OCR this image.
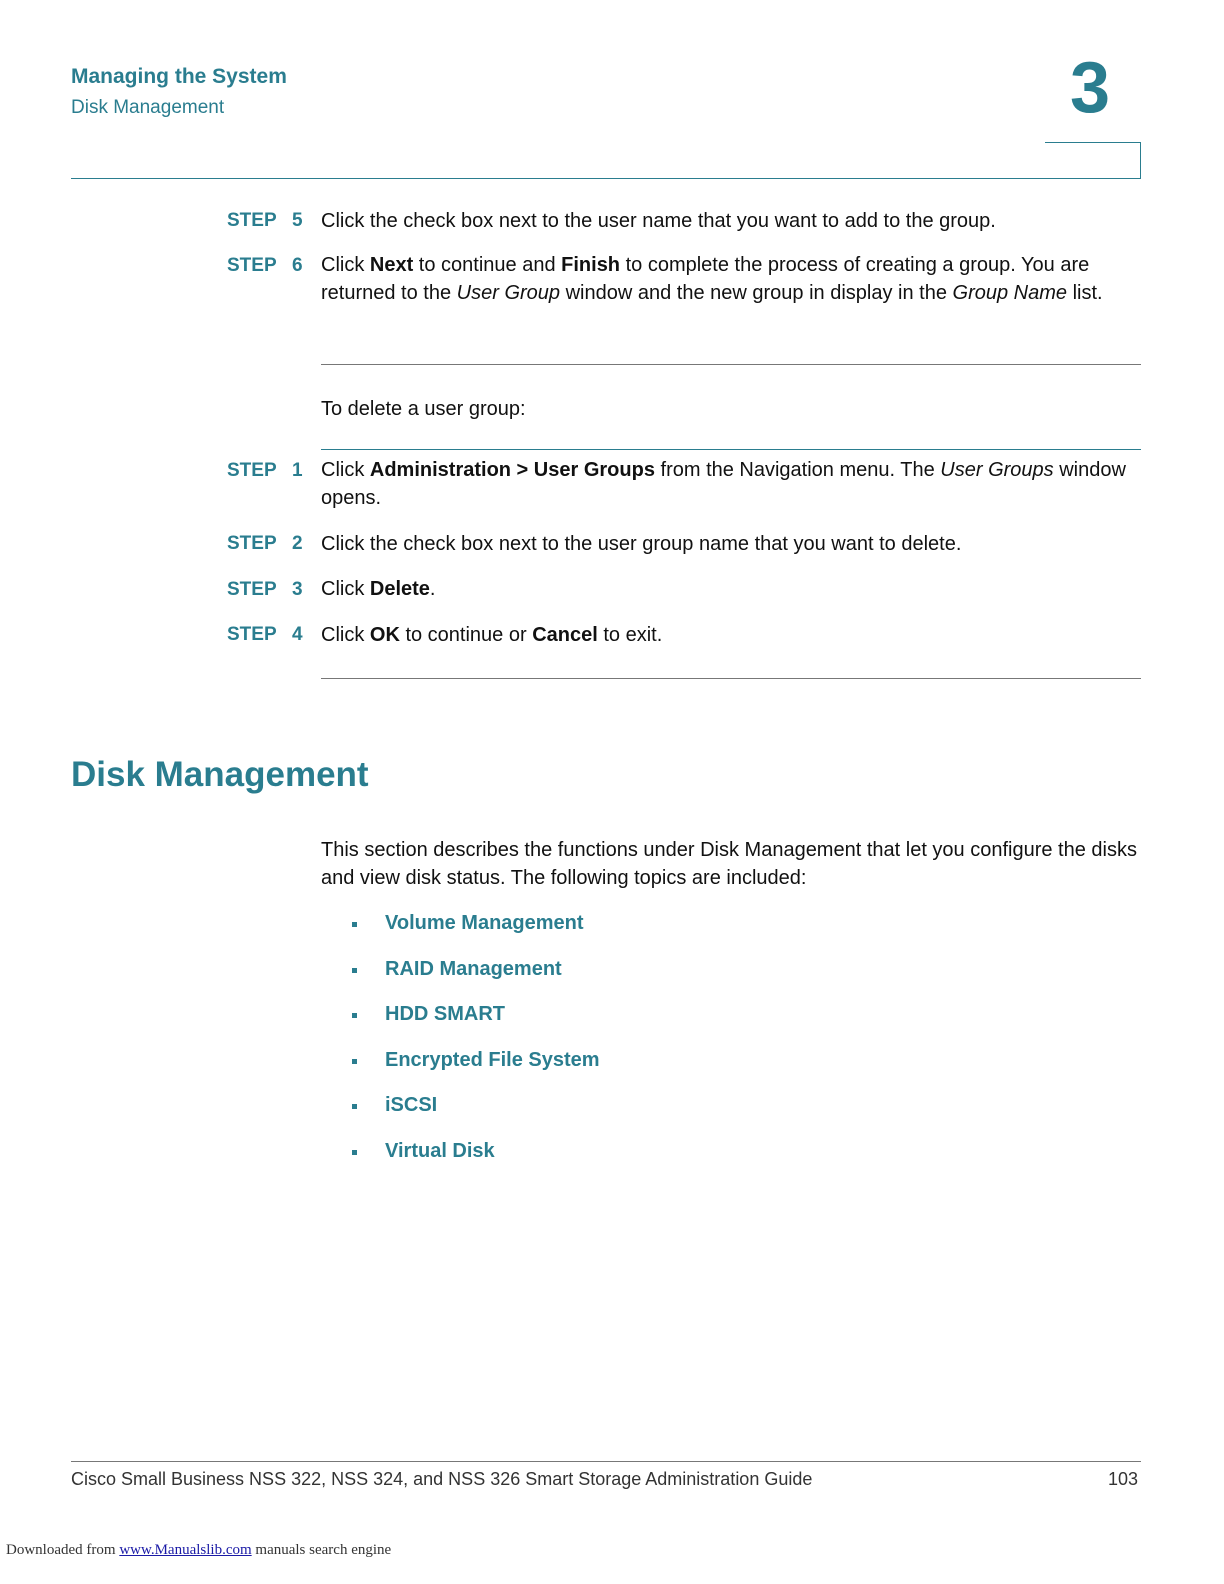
Managing the System
Disk Management	3
STEP 5 Click the check box next to the user name that you want to add to the group.
STEP 6 Click Next to continue and Finish to complete the process of creating a group. You are returned to the User Group window and the new group in display in the Group Name list.
To delete a user group:
STEP 1 Click Administration > User Groups from the Navigation menu. The User Groups window opens.
STEP 2 Click the check box next to the user group name that you want to delete.
STEP 3 Click Delete.
STEP 4 Click OK to continue or Cancel to exit.
Disk Management
This section describes the functions under Disk Management that let you configure the disks and view disk status. The following topics are included:
Volume Management
RAID Management
HDD SMART
Encrypted File System
iSCSI
Virtual Disk
Cisco Small Business NSS 322, NSS 324, and NSS 326 Smart Storage Administration Guide	103
Downloaded from www.Manualslib.com manuals search engine
